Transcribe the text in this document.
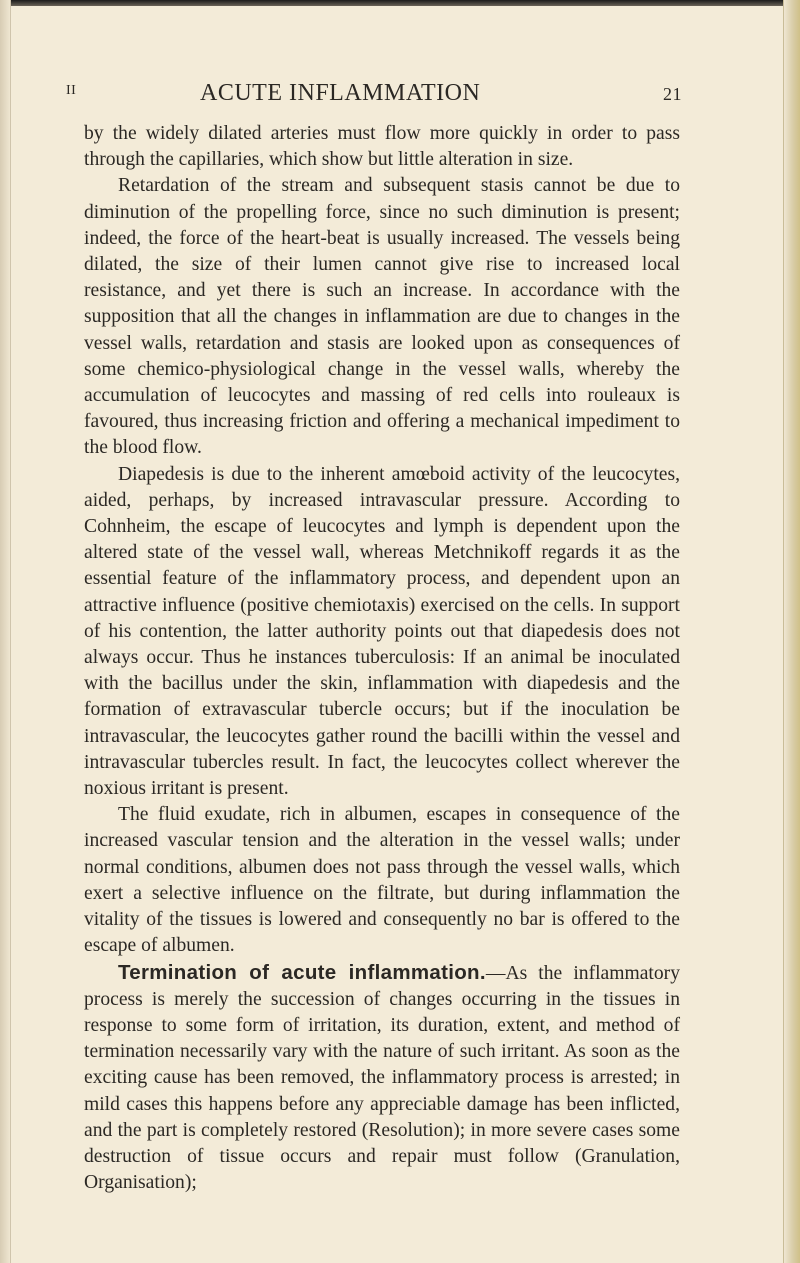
II	ACUTE INFLAMMATION	21

by the widely dilated arteries must flow more quickly in order to pass through the capillaries, which show but little alteration in size.

Retardation of the stream and subsequent stasis cannot be due to diminution of the propelling force, since no such diminution is present; indeed, the force of the heart-beat is usually increased. The vessels being dilated, the size of their lumen cannot give rise to increased local resistance, and yet there is such an increase. In accordance with the supposition that all the changes in inflammation are due to changes in the vessel walls, retardation and stasis are looked upon as consequences of some chemico-physiological change in the vessel walls, whereby the accumulation of leucocytes and massing of red cells into rouleaux is favoured, thus increasing friction and offering a mechanical impediment to the blood flow.

Diapedesis is due to the inherent amœboid activity of the leucocytes, aided, perhaps, by increased intravascular pressure. According to Cohnheim, the escape of leucocytes and lymph is dependent upon the altered state of the vessel wall, whereas Metchnikoff regards it as the essential feature of the inflammatory process, and dependent upon an attractive influence (positive chemiotaxis) exercised on the cells. In support of his contention, the latter authority points out that diapedesis does not always occur. Thus he instances tuberculosis: If an animal be inoculated with the bacillus under the skin, inflammation with diapedesis and the formation of extravascular tubercle occurs; but if the inoculation be intravascular, the leucocytes gather round the bacilli within the vessel and intravascular tubercles result. In fact, the leucocytes collect wherever the noxious irritant is present.

The fluid exudate, rich in albumen, escapes in consequence of the increased vascular tension and the alteration in the vessel walls; under normal conditions, albumen does not pass through the vessel walls, which exert a selective influence on the filtrate, but during inflammation the vitality of the tissues is lowered and consequently no bar is offered to the escape of albumen.

Termination of acute inflammation.—As the inflammatory process is merely the succession of changes occurring in the tissues in response to some form of irritation, its duration, extent, and method of termination necessarily vary with the nature of such irritant. As soon as the exciting cause has been removed, the inflammatory process is arrested; in mild cases this happens before any appreciable damage has been inflicted, and the part is completely restored (Resolution); in more severe cases some destruction of tissue occurs and repair must follow (Granulation, Organisation);
